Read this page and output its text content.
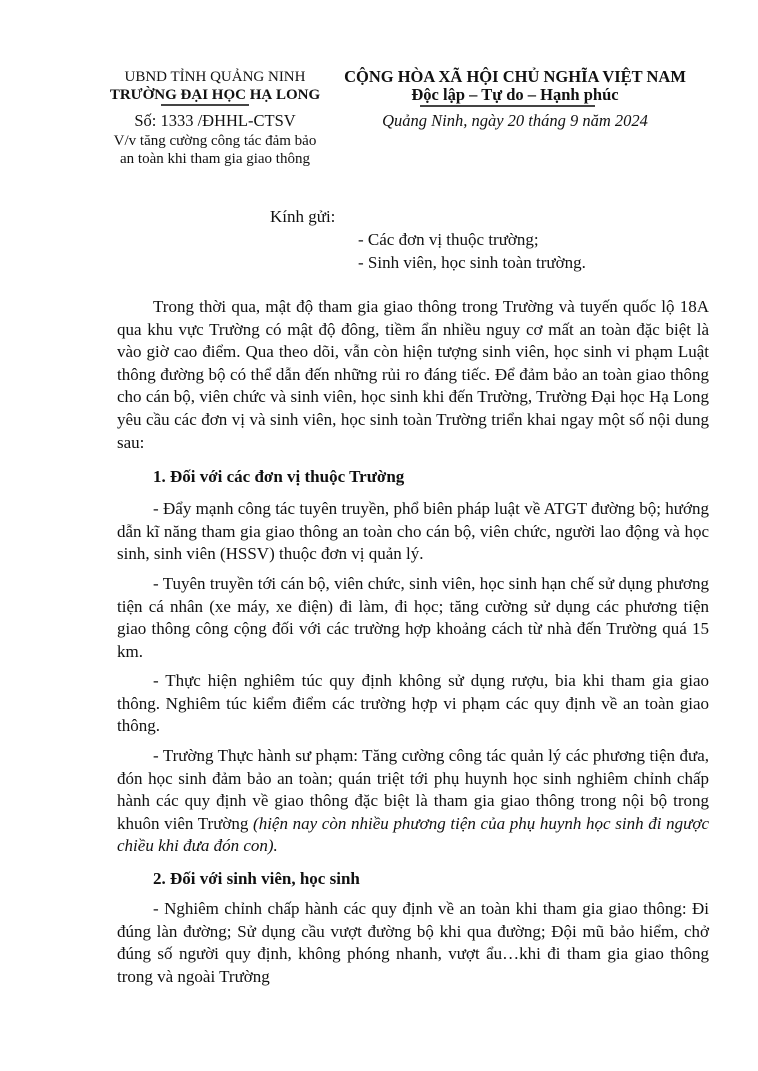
UBND TỈNH QUẢNG NINH
TRƯỜNG ĐẠI HỌC HẠ LONG
Số: 1333 /ĐHHL-CTSV
V/v tăng cường công tác đảm bảo
an toàn khi tham gia giao thông
CỘNG HÒA XÃ HỘI CHỦ NGHĨA VIỆT NAM
Độc lập – Tự do – Hạnh phúc
Quảng Ninh, ngày 20 tháng 9 năm 2024
Kính gửi:
- Các đơn vị thuộc trường;
- Sinh viên, học sinh toàn trường.
Trong thời qua, mật độ tham gia giao thông trong Trường và tuyến quốc lộ 18A qua khu vực Trường có mật độ đông, tiềm ẩn nhiều nguy cơ mất an toàn đặc biệt là vào giờ cao điểm. Qua theo dõi, vẫn còn hiện tượng sinh viên, học sinh vi phạm Luật thông đường bộ có thể dẫn đến những rủi ro đáng tiếc. Để đảm bảo an toàn giao thông cho cán bộ, viên chức và sinh viên, học sinh khi đến Trường, Trường Đại học Hạ Long yêu cầu các đơn vị và sinh viên, học sinh toàn Trường triển khai ngay một số nội dung sau:
1. Đối với các đơn vị thuộc Trường
- Đẩy mạnh công tác tuyên truyền, phổ biên pháp luật về ATGT đường bộ; hướng dẫn kĩ năng tham gia giao thông an toàn cho cán bộ, viên chức, người lao động và học sinh, sinh viên (HSSV) thuộc đơn vị quản lý.
- Tuyên truyền tới cán bộ, viên chức, sinh viên, học sinh hạn chế sử dụng phương tiện cá nhân (xe máy, xe điện) đi làm, đi học; tăng cường sử dụng các phương tiện giao thông công cộng đối với các trường hợp khoảng cách từ nhà đến Trường quá 15 km.
- Thực hiện nghiêm túc quy định không sử dụng rượu, bia khi tham gia giao thông. Nghiêm túc kiểm điểm các trường hợp vi phạm các quy định về an toàn giao thông.
- Trường Thực hành sư phạm: Tăng cường công tác quản lý các phương tiện đưa, đón học sinh đảm bảo an toàn; quán triệt tới phụ huynh học sinh nghiêm chỉnh chấp hành các quy định về giao thông đặc biệt là tham gia giao thông trong nội bộ trong khuôn viên Trường (hiện nay còn nhiều phương tiện của phụ huynh học sinh đi ngược chiều khi đưa đón con).
2. Đối với sinh viên, học sinh
- Nghiêm chỉnh chấp hành các quy định về an toàn khi tham gia giao thông: Đi đúng làn đường; Sử dụng cầu vượt đường bộ khi qua đường; Đội mũ bảo hiểm, chở đúng số người quy định, không phóng nhanh, vượt ẩu…khi đi tham gia giao thông trong và ngoài Trường
